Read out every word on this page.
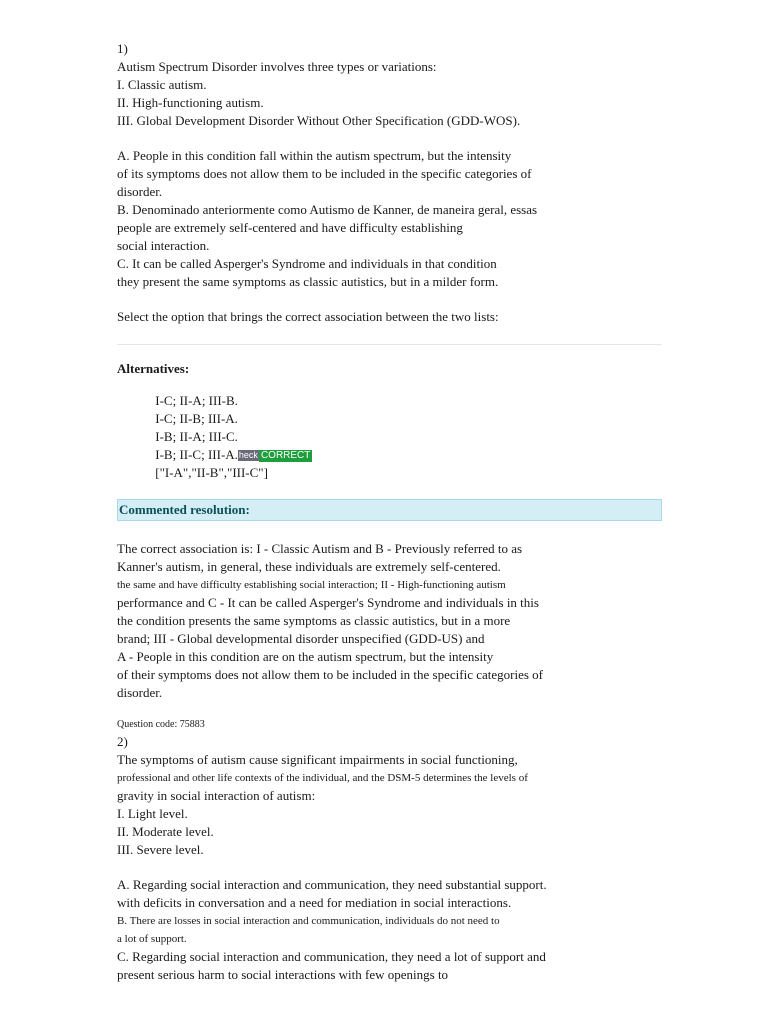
1)
Autism Spectrum Disorder involves three types or variations:
I. Classic autism.
II. High-functioning autism.
III. Global Development Disorder Without Other Specification (GDD-WOS).
A. People in this condition fall within the autism spectrum, but the intensity
of its symptoms does not allow them to be included in the specific categories of
disorder.
B. Denominado anteriormente como Autismo de Kanner, de maneira geral, essas
people are extremely self-centered and have difficulty establishing
social interaction.
C. It can be called Asperger's Syndrome and individuals in that condition
they present the same symptoms as classic autistics, but in a milder form.
Select the option that brings the correct association between the two lists:
Alternatives:
I-C; II-A; III-B.
I-C; II-B; III-A.
I-B; II-A; III-C.
I-B; II-C; III-A.heck CORRECT
["I-A","II-B","III-C"]
Commented resolution:
The correct association is: I - Classic Autism and B - Previously referred to as
Kanner's autism, in general, these individuals are extremely self-centered.
the same and have difficulty establishing social interaction; II - High-functioning autism
performance and C - It can be called Asperger's Syndrome and individuals in this
the condition presents the same symptoms as classic autistics, but in a more
brand; III - Global developmental disorder unspecified (GDD-US) and
A - People in this condition are on the autism spectrum, but the intensity
of their symptoms does not allow them to be included in the specific categories of
disorder.
Question code: 75883
2)
The symptoms of autism cause significant impairments in social functioning,
professional and other life contexts of the individual, and the DSM-5 determines the levels of
gravity in social interaction of autism:
I. Light level.
II. Moderate level.
III. Severe level.
A. Regarding social interaction and communication, they need substantial support.
with deficits in conversation and a need for mediation in social interactions.
B. There are losses in social interaction and communication, individuals do not need to
a lot of support.
C. Regarding social interaction and communication, they need a lot of support and
present serious harm to social interactions with few openings to
